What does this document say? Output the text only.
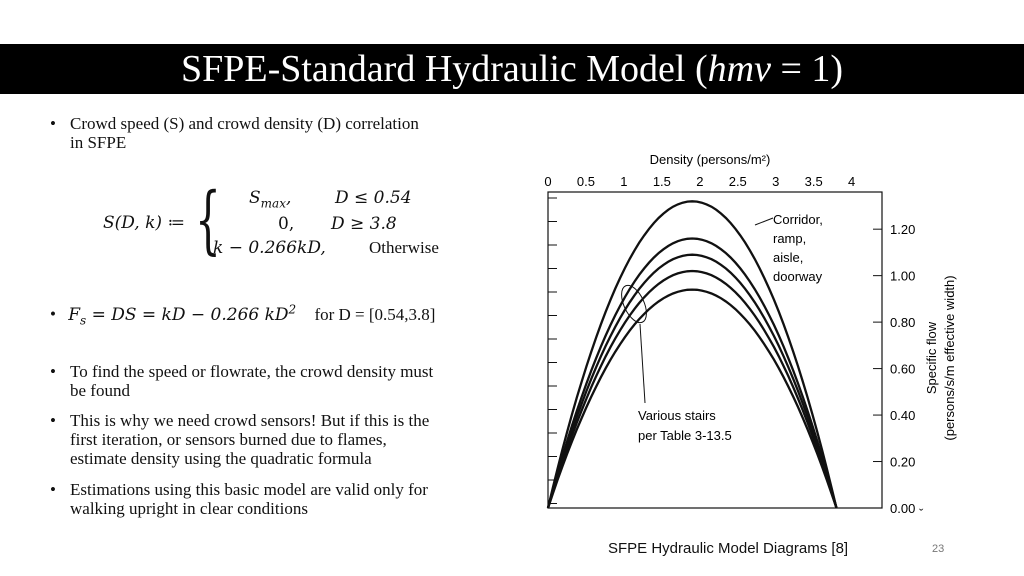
SFPE-Standard Hydraulic Model (hmv = 1)
• Crowd speed (S) and crowd density (D) correlation
in SFPE
S(D, k) ≔ { $S_{max}$,	D ≤ 0.54
0, D ≥ 3.8
k − 0.266kD,	Otherwise
• $F_s$ = DS = kD − 0.266 $kD^2$ for D = [0.54,3.8]
• To find the speed or flowrate, the crowd density must
be found
• This is why we need crowd sensors! But if this is the
first iteration, or sensors burned due to flames,
estimate density using the quadratic formula
• Estimations using this basic model are valid only for
walking upright in clear conditions
Density (persons/m²)
0 0.5 1 1.5 2 2.5 3 3.5 4
0.00
0.20
0.40
0.60
0.80
1.00
1.20
Specific flow (persons/s/m effective width)
Corridor,
ramp,
aisle,
doorway
Various stairs
per Table 3-13.5
ˇ
SFPE Hydraulic Model Diagrams [8]	23
